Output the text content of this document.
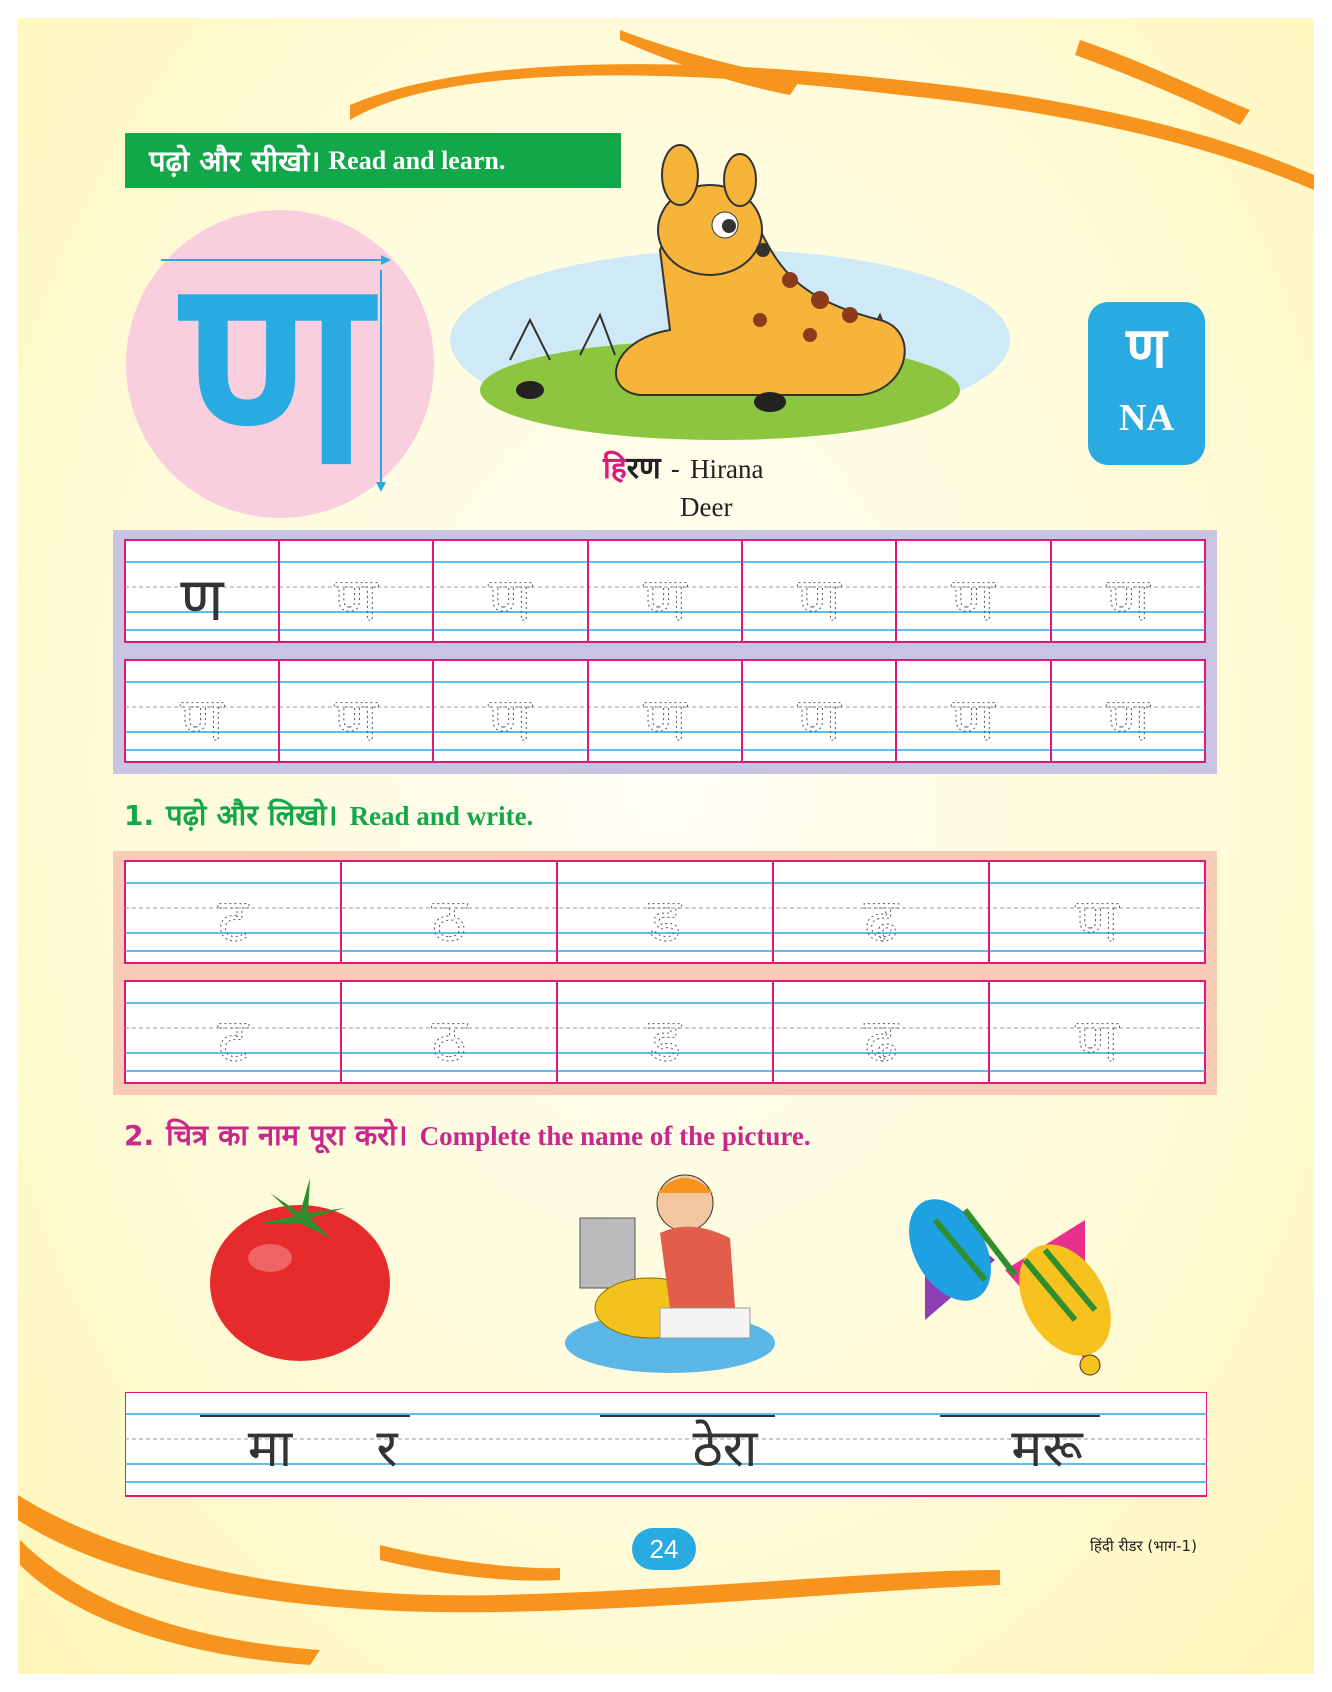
पढ़ो और सीखो। Read and learn.
ण	ण
NA
हिरण - Hirana
Deer
ण ण ण ण ण ण ण
ण ण ण ण ण ण ण
1. पढ़ो और लिखो। Read and write.
ट	ठ	ड	ढ	ण
ट	ठ	ड	ढ	ण
2. चित्र का नाम पूरा करो। Complete the name of the picture.
मा र	ठेरा	मरू
24	हिंदी रीडर (भाग-1)
